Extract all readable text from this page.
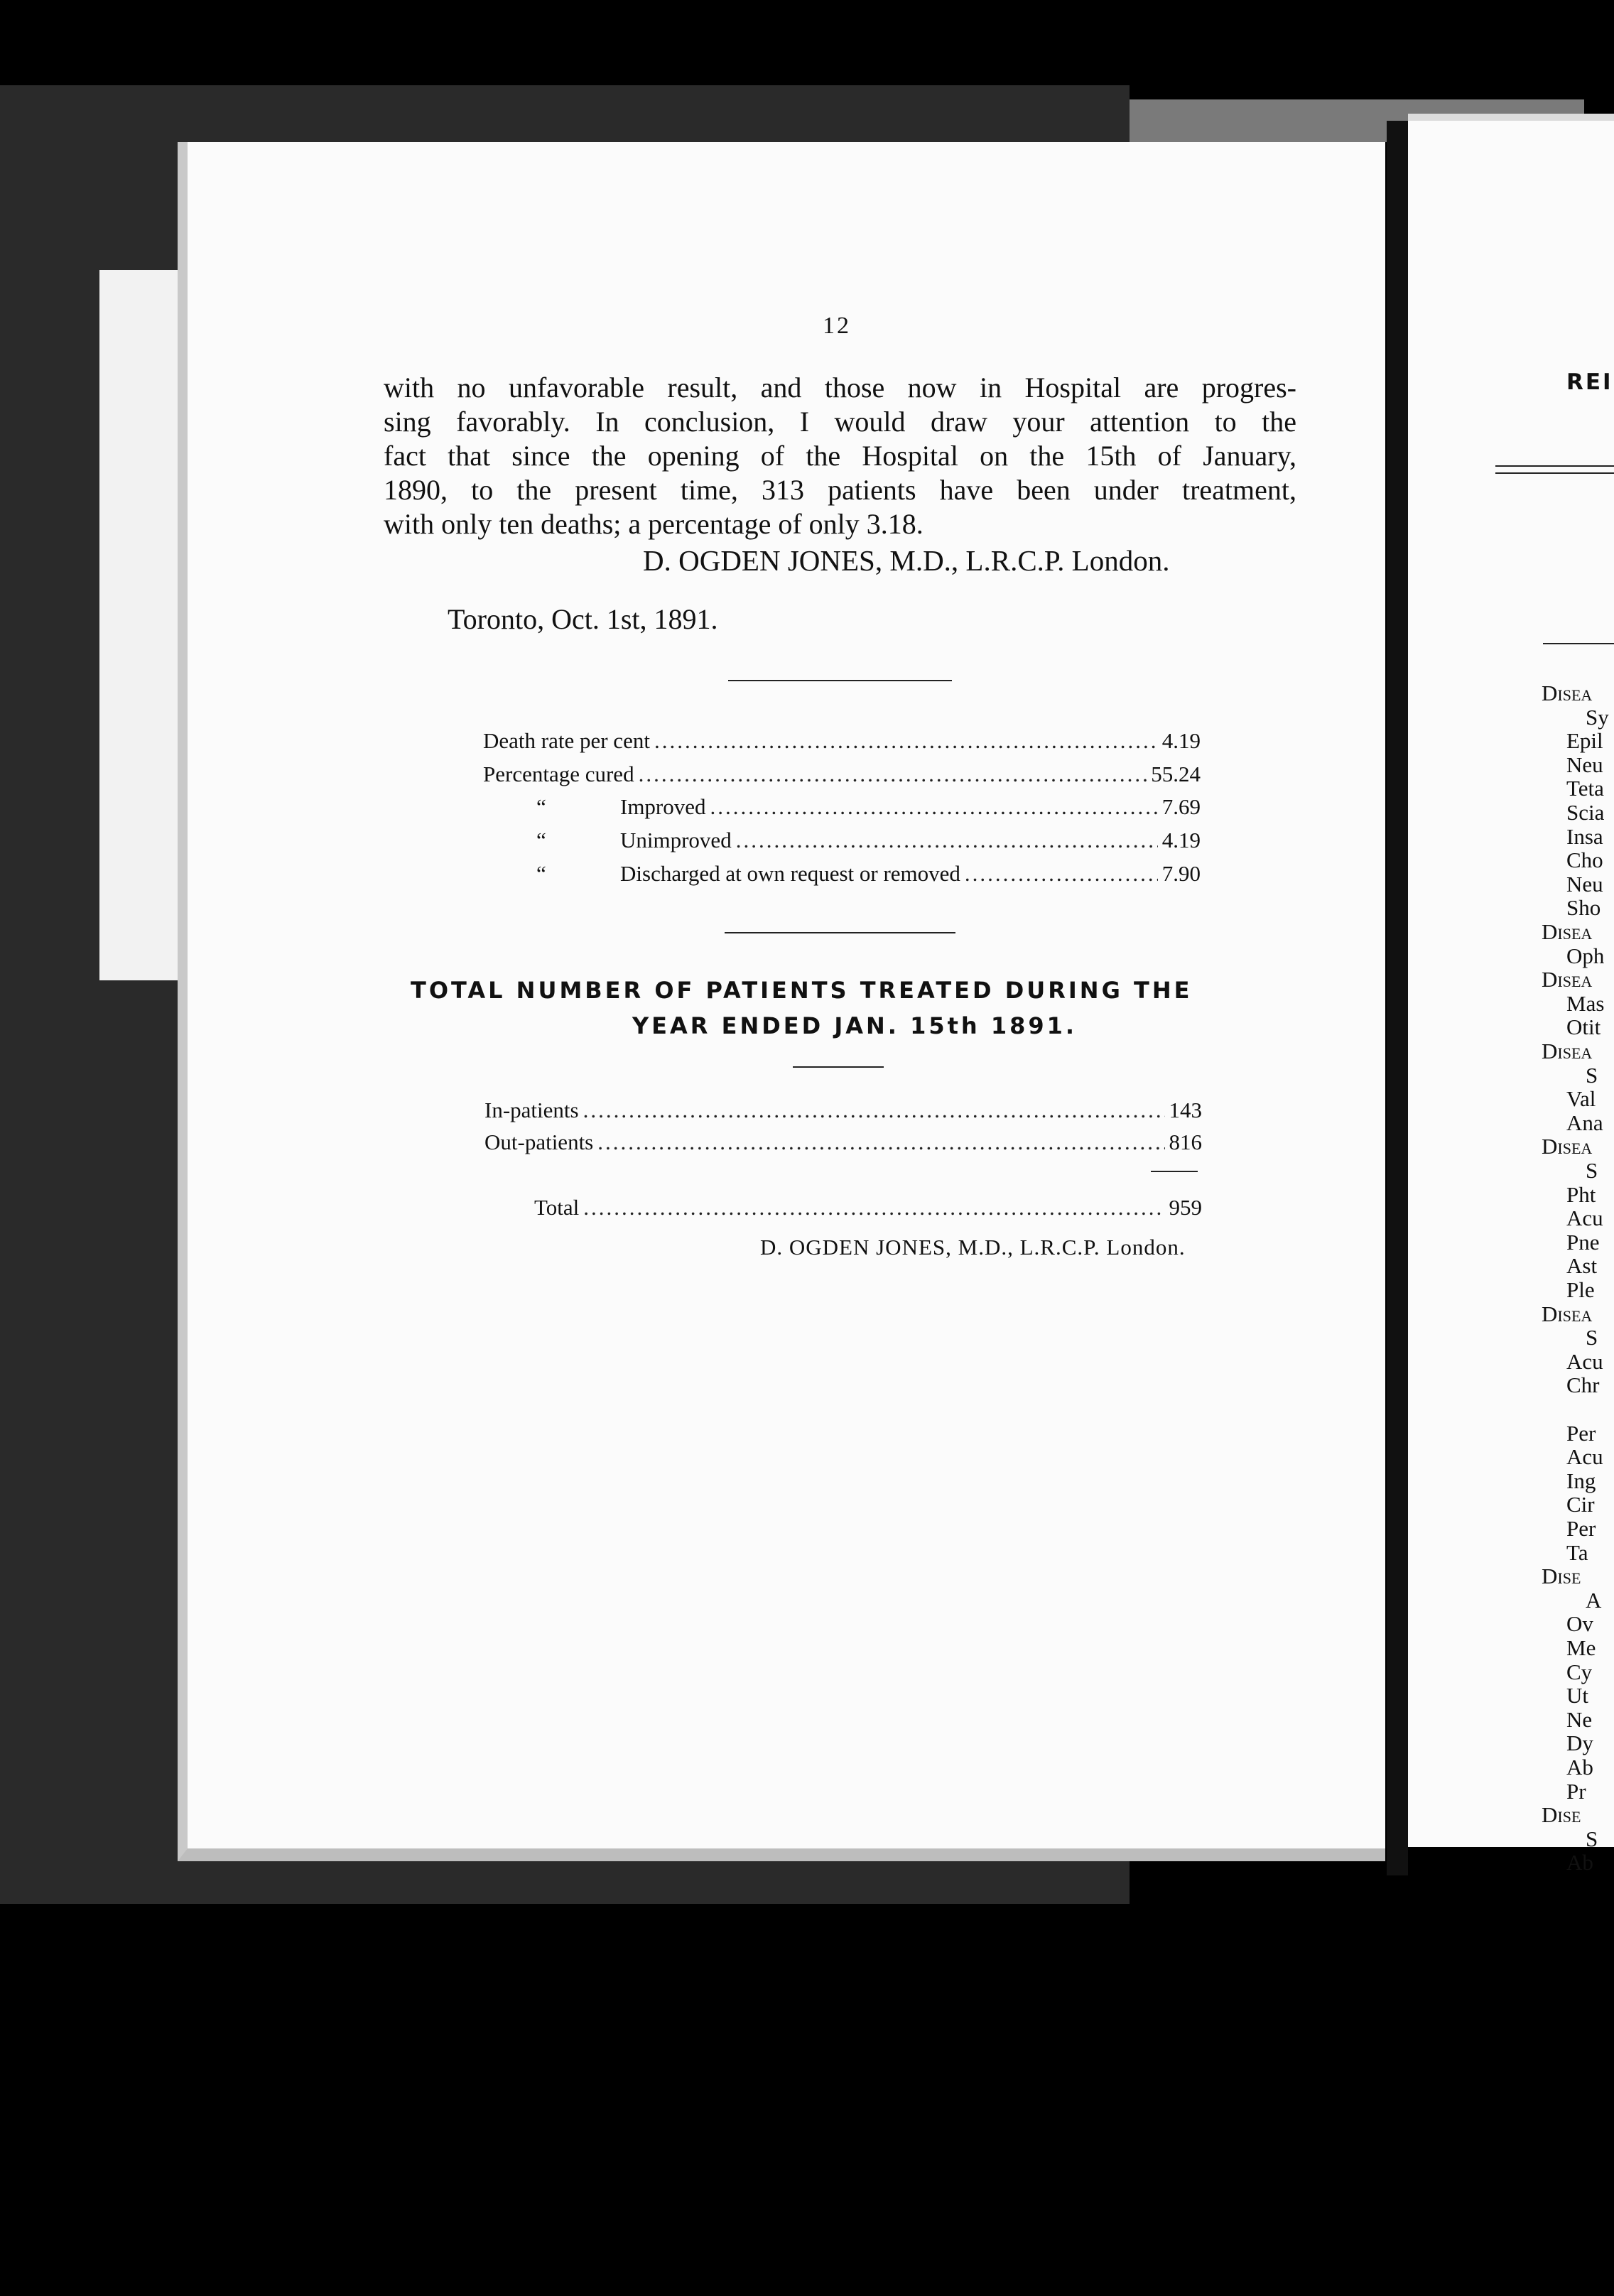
12
with no unfavorable result, and those now in Hospital are progres-
sing favorably. In conclusion, I would draw your attention to the
fact that since the opening of the Hospital on the 15th of January,
1890, to the present time, 313 patients have been under treatment,
with only ten deaths; a percentage of only 3.18.
D. OGDEN JONES, M.D., L.R.C.P. London.
Toronto, Oct. 1st, 1891.
Death rate per cent .....	4.19
Percentage cured .....	55.24
“	Improved .....	7.69
“	Unimproved .....	4.19
“	Discharged at own request or removed .....	7.90
TOTAL NUMBER OF PATIENTS TREATED DURING THE
YEAR ENDED JAN. 15th 1891.
In-patients .....	143
Out-patients .....	816
Total .....	959
D. OGDEN JONES, M.D., L.R.C.P. London.
REI
Disea
Sy
Epil
Neu
Teta
Scia
Insa
Cho
Neu
Sho
Disea
Oph
Disea
Mas
Otit
Disea
S
Val
Ana
Disea
S
Pht
Acu
Pne
Ast
Ple
Disea
S
Acu
Chr
Per
Acu
Ing
Cir
Per
Ta
Dise
A
Ov
Me
Cy
Ut
Ne
Dy
Ab
Pr
Dise
S
Ab
